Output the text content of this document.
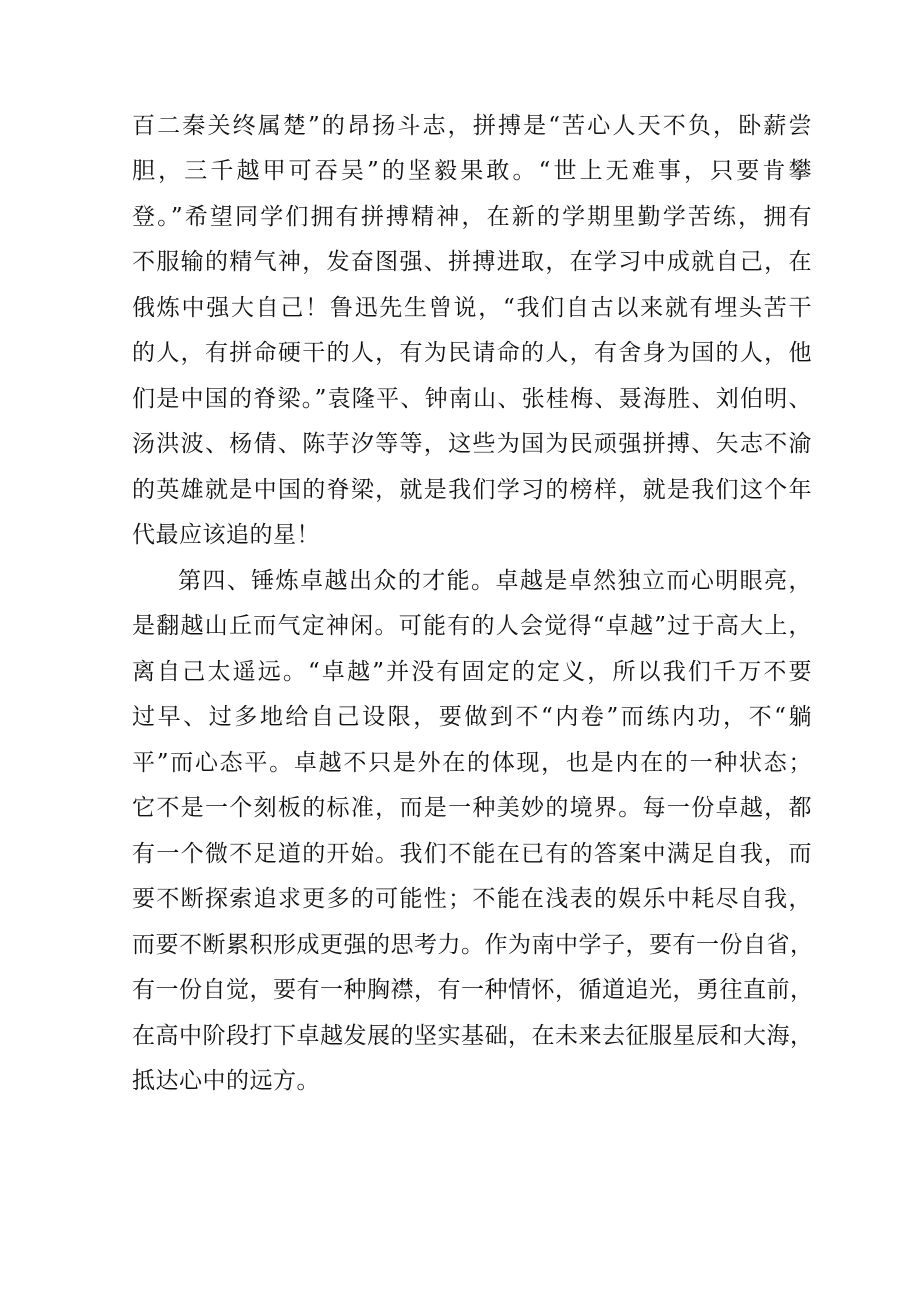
百二秦关终属楚”的昂扬斗志，拼搏是“苦心人天不负，卧薪尝
胆，三千越甲可吞吴”的坚毅果敢。“世上无难事，只要肯攀
登。”希望同学们拥有拼搏精神，在新的学期里勤学苦练，拥有
不服输的精气神，发奋图强、拼搏进取，在学习中成就自己，在
俄炼中强大自己！鲁迅先生曾说，“我们自古以来就有埋头苦干
的人，有拼命硬干的人，有为民请命的人，有舍身为国的人，他
们是中国的脊梁。”袁隆平、钟南山、张桂梅、聂海胜、刘伯明、
汤洪波、杨倩、陈芋汐等等，这些为国为民顽强拼搏、矢志不渝
的英雄就是中国的脊梁，就是我们学习的榜样，就是我们这个年
代最应该追的星！
第四、锤炼卓越出众的才能。卓越是卓然独立而心明眼亮，
是翻越山丘而气定神闲。可能有的人会觉得“卓越”过于高大上，
离自己太遥远。“卓越”并没有固定的定义，所以我们千万不要
过早、过多地给自己设限，要做到不“内卷”而练内功，不“躺
平”而心态平。卓越不只是外在的体现，也是内在的一种状态；
它不是一个刻板的标准，而是一种美妙的境界。每一份卓越，都
有一个微不足道的开始。我们不能在已有的答案中满足自我，而
要不断探索追求更多的可能性；不能在浅表的娱乐中耗尽自我，
而要不断累积形成更强的思考力。作为南中学子，要有一份自省，
有一份自觉，要有一种胸襟，有一种情怀，循道追光，勇往直前，
在高中阶段打下卓越发展的坚实基础，在未来去征服星辰和大海，
抵达心中的远方。
